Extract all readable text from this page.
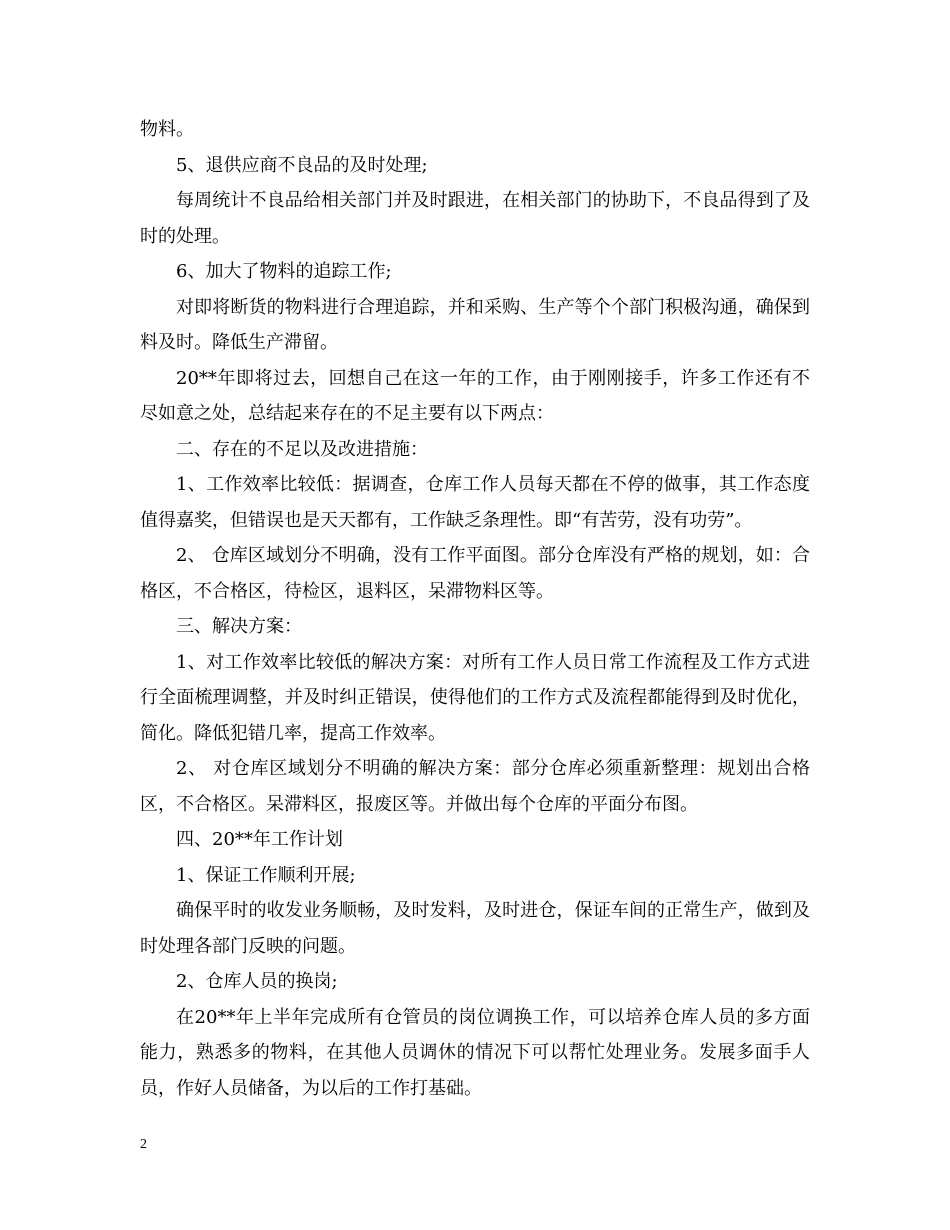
物料。

5、退供应商不良品的及时处理;

每周统计不良品给相关部门并及时跟进，在相关部门的协助下，不良品得到了及时的处理。

6、加大了物料的追踪工作;

对即将断货的物料进行合理追踪，并和采购、生产等个个部门积极沟通，确保到料及时。降低生产滞留。

20**年即将过去，回想自己在这一年的工作，由于刚刚接手，许多工作还有不尽如意之处，总结起来存在的不足主要有以下两点：

二、存在的不足以及改进措施：

1、工作效率比较低：据调查，仓库工作人员每天都在不停的做事，其工作态度值得嘉奖，但错误也是天天都有，工作缺乏条理性。即“有苦劳，没有功劳”。

2、 仓库区域划分不明确，没有工作平面图。部分仓库没有严格的规划，如：合格区，不合格区，待检区，退料区，呆滞物料区等。

三、解决方案：

1、对工作效率比较低的解决方案：对所有工作人员日常工作流程及工作方式进行全面梳理调整，并及时纠正错误，使得他们的工作方式及流程都能得到及时优化，简化。降低犯错几率，提高工作效率。

2、 对仓库区域划分不明确的解决方案：部分仓库必须重新整理：规划出合格区，不合格区。呆滞料区，报废区等。并做出每个仓库的平面分布图。

四、20**年工作计划

1、保证工作顺利开展;

确保平时的收发业务顺畅，及时发料，及时进仓，保证车间的正常生产，做到及时处理各部门反映的问题。

2、仓库人员的换岗;

在20**年上半年完成所有仓管员的岗位调换工作，可以培养仓库人员的多方面能力，熟悉多的物料，在其他人员调休的情况下可以帮忙处理业务。发展多面手人员，作好人员储备，为以后的工作打基础。

2
